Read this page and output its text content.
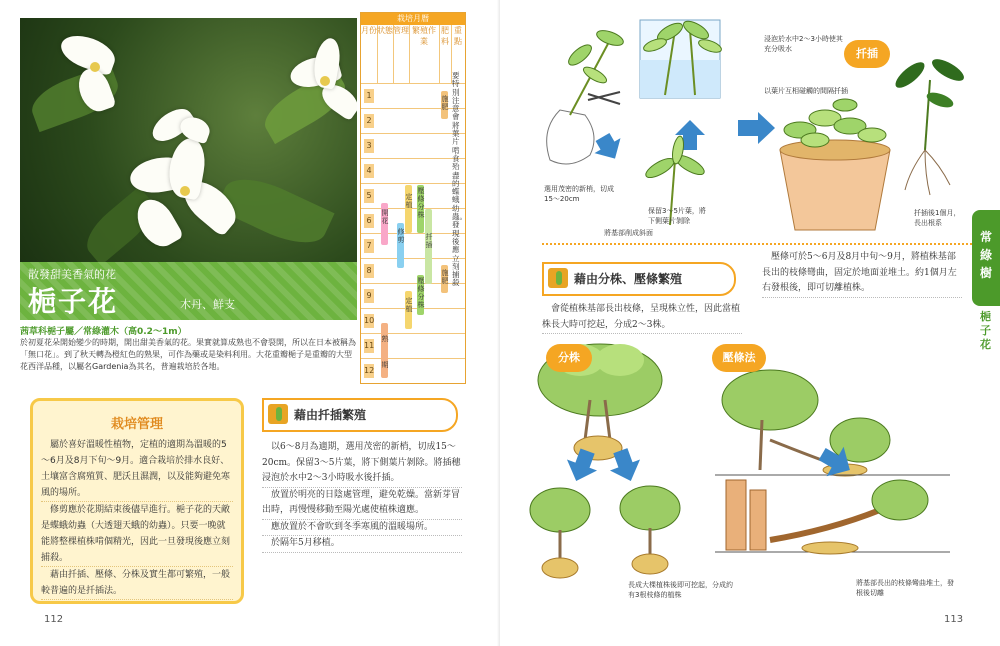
散發甜美香氣的花
梔子花	木丹、鮮支
茜草科梔子屬／常綠灌木（高0.2～1m）
於初夏花朵開始變少的時期，開出甜美香氣的花。果實就算成熟也不會裂開，所以在日本被稱為「無口花」。到了秋天轉為橙紅色的熟果，可作為藥或是染料利用。大花重瓣梔子是重瓣的大型花西洋品種，以屬名Gardenia為其名，普遍栽培於各地。
栽培月曆
月份 狀態 管理 繁殖作業
肥料
重點
1
2
3
4
5
6
7
8
9
10
11
12
開花
修剪
定植
定植
壓條分株
扦插
壓條分株
施肥
施肥
熟
期
要特別注意會將葉片啃食殆盡的蝶蛾幼蟲。發現後應立刻捕殺
栽培管理

屬於喜好溫暖性植物，定植的適期為溫暖的5～6月及8月下旬～9月。適合栽培於排水良好、土壤富含腐殖質、肥沃且濕潤，以及能夠避免寒風的場所。

修剪應於花期結束後儘早進行。梔子花的天敵是蝶蛾幼蟲（大透翅天蛾的幼蟲）。只要一晚就能將整棵植株啃個精光，因此一旦發現後應立刻捕殺。

藉由扦插、壓條、分株及實生都可繁殖，一般較普遍的是扦插法。

藉由扦插繁殖

以6～8月為適期，選用茂密的新梢，切成15～20cm。保留3～5片葉，將下側葉片剝除。將插穗浸泡於水中2～3小時吸水後扦插。

放置於明亮的日陰處管理，避免乾燥。當新芽冒出時，再慢慢移動至陽光處使植株適應。

應放置於不會吹到冬季寒風的溫暖場所。

於隔年5月移植。

112
扦插
浸泡於水中2～3小時使其充分吸水
以葉片互相碰觸的間隔扦插
選用茂密的新梢，切成15～20cm
保留3～5片葉，將下側葉片剝除
將基部削成斜面
扦插後1個月，長出根系
藉由分株、壓條繁殖

會從植株基部長出枝條，呈現株立性，因此當植株長大時可挖起，分成2～3株。

壓條可於5～6月及8月中旬～9月，將植株基部長出的枝條彎曲，固定於地面並堆土。約1個月左右發根後，即可切離植株。

分株	壓條法
長成大棵植株後即可挖起，分成約有3根枝條的植株
將基部長出的枝條彎曲堆土，發根後切離
113
常綠樹
梔子花
